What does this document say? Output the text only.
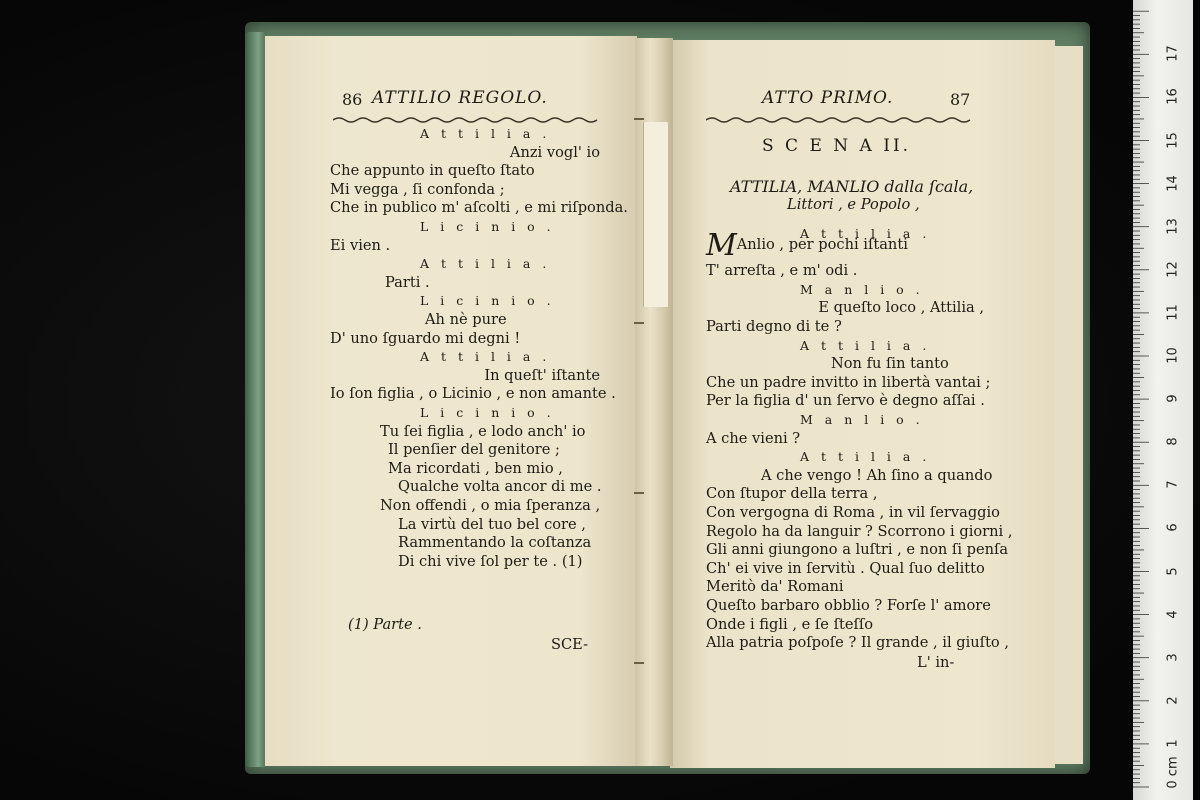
86 ATTILIO REGOLO.
A t t i l i a .
Anzi vogl' io
Che appunto in queſto ſtato
Mi vegga , ſi confonda ;
Che in publico m' aſcolti , e mi riſponda.
L i c i n i o .
Ei vien .
A t t i l i a .
Parti .
L i c i n i o .
Ah nè pure
D' uno ſguardo mi degni !
A t t i l i a .
In queſt' iſtante
Io ſon figlia , o Licinio , e non amante .
L i c i n i o .
Tu ſei figlia , e lodo anch' io
Il penſier del genitore ;
Ma ricordati , ben mio ,
Qualche volta ancor di me .
Non offendi , o mia ſperanza ,
La virtù del tuo bel core ,
Rammentando la coſtanza
Di chi vive ſol per te . (1)
(1) Parte .
SCE-
ATTO PRIMO.	87
S C E N A II.
ATTILIA, MANLIO dalla ſcala,
Littori , e Popolo ,
A t t i l i a .
MAnlio , per pochi iſtanti
T' arreſta , e m' odi .
M a n l i o .
E queſto loco , Attilia ,
Parti degno di te ?
A t t i l i a .
Non fu ſin tanto
Che un padre invitto in libertà vantai ;
Per la figlia d' un ſervo è degno aſſai .
M a n l i o .
A che vieni ?
A t t i l i a .
A che vengo ! Ah ſino a quando
Con ſtupor della terra ,
Con vergogna di Roma , in vil ſervaggio
Regolo ha da languir ? Scorrono i giorni ,
Gli anni giungono a luſtri , e non ſi penſa
Ch' ei vive in ſervitù . Qual ſuo delitto
Meritò da' Romani
Queſto barbaro obblio ? Forſe l' amore
Onde i figli , e ſe ſteſſo
Alla patria poſpoſe ? Il grande , il giuſto ,
L' in-
0 cm
1
2
3
4
5
6
7
8
9
10
11
12
13
14
15
16
17
